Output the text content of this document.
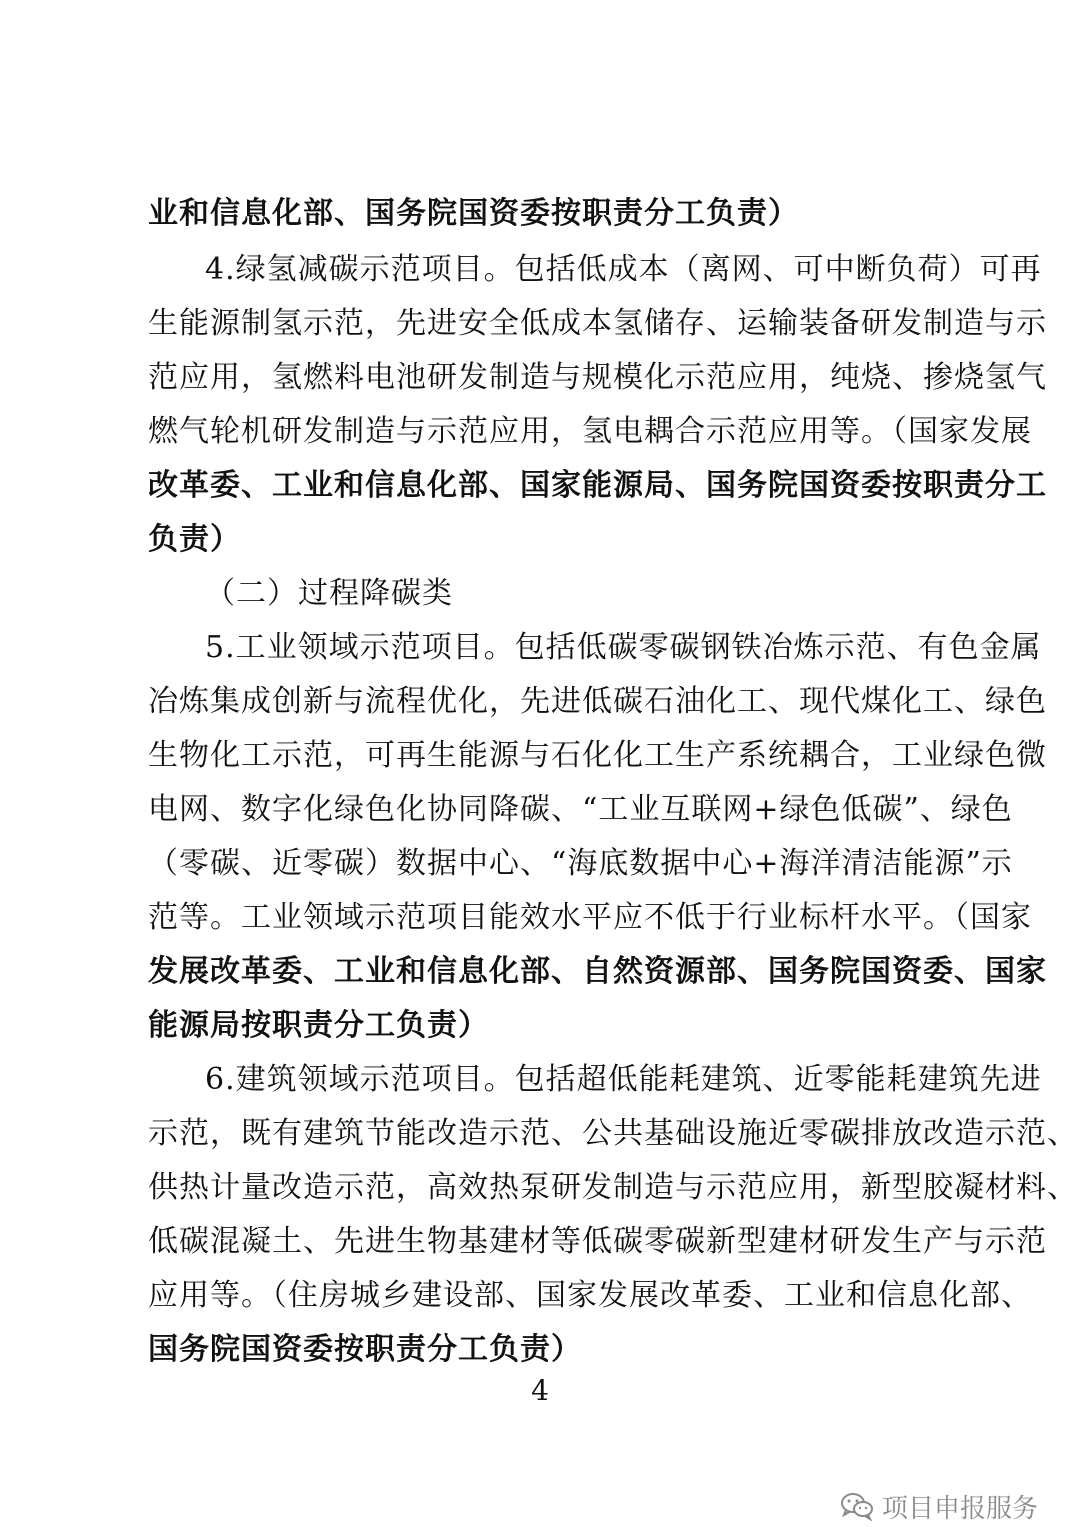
业和信息化部、国务院国资委按职责分工负责）
4.绿氢减碳示范项目。包括低成本（离网、可中断负荷）可再
生能源制氢示范，先进安全低成本氢储存、运输装备研发制造与示
范应用，氢燃料电池研发制造与规模化示范应用，纯烧、掺烧氢气
燃气轮机研发制造与示范应用，氢电耦合示范应用等。（国家发展
改革委、工业和信息化部、国家能源局、国务院国资委按职责分工
负责）
（二）过程降碳类
5.工业领域示范项目。包括低碳零碳钢铁冶炼示范、有色金属
冶炼集成创新与流程优化，先进低碳石油化工、现代煤化工、绿色
生物化工示范，可再生能源与石化化工生产系统耦合，工业绿色微
电网、数字化绿色化协同降碳、“工业互联网+绿色低碳”、绿色
（零碳、近零碳）数据中心、“海底数据中心+海洋清洁能源”示
范等。工业领域示范项目能效水平应不低于行业标杆水平。（国家
发展改革委、工业和信息化部、自然资源部、国务院国资委、国家
能源局按职责分工负责）
6.建筑领域示范项目。包括超低能耗建筑、近零能耗建筑先进
示范，既有建筑节能改造示范、公共基础设施近零碳排放改造示范、
供热计量改造示范，高效热泵研发制造与示范应用，新型胶凝材料、
低碳混凝土、先进生物基建材等低碳零碳新型建材研发生产与示范
应用等。（住房城乡建设部、国家发展改革委、工业和信息化部、
国务院国资委按职责分工负责）
4
项目申报服务
